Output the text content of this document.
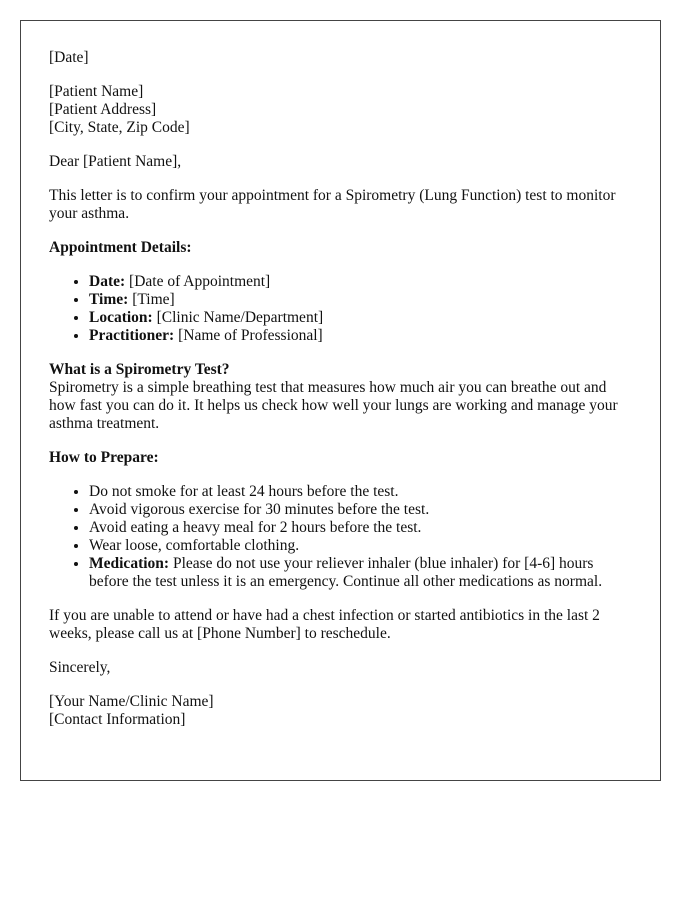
[Date]

[Patient Name]

[Patient Address]

[City, State, Zip Code]

Dear [Patient Name],

This letter is to confirm your appointment for a Spirometry (Lung Function) test to monitor your asthma.

Appointment Details:

• Date: [Date of Appointment]
• Time: [Time]
• Location: [Clinic Name/Department]
• Practitioner: [Name of Professional]

What is a Spirometry Test?

Spirometry is a simple breathing test that measures how much air you can breathe out and how fast you can do it. It helps us check how well your lungs are working and manage your asthma treatment.

How to Prepare:

• Do not smoke for at least 24 hours before the test.
• Avoid vigorous exercise for 30 minutes before the test.
• Avoid eating a heavy meal for 2 hours before the test.
• Wear loose, comfortable clothing.
• Medication: Please do not use your reliever inhaler (blue inhaler) for [4-6] hours before the test unless it is an emergency. Continue all other medications as normal.

If you are unable to attend or have had a chest infection or started antibiotics in the last 2 weeks, please call us at [Phone Number] to reschedule.

Sincerely,

[Your Name/Clinic Name]

[Contact Information]
